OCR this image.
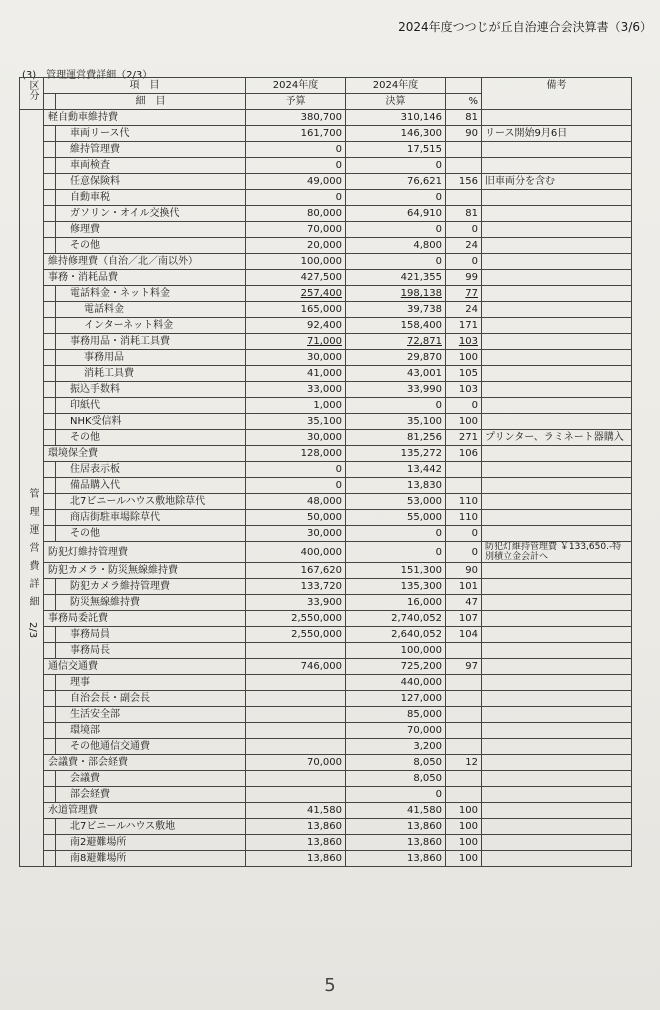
2024年度つつじが丘自治連合会決算書（3/6）
(3)　管理運営費詳細（2/3）
区分	項　目		2024年度	2024年度		備考
		細　目	予算	決算	%	

管理運営費詳細
2/3	軽自動車維持費		380,700	310,146	81	
		車両リース代	161,700	146,300	90	リース開始9月6日
		維持管理費	0	17,515		
		車両検査	0	0		
		任意保険料	49,000	76,621	156	旧車両分を含む
		自動車税	0	0		
		ガソリン・オイル交換代	80,000	64,910	81	
		修理費	70,000	0	0	
		その他	20,000	4,800	24	
	維持修理費（自治／北／南以外）		100,000	0	0	
	事務・消耗品費		427,500	421,355	99	
		電話料金・ネット料金	257,400	198,138	77	
		電話料金	165,000	39,738	24	
		インターネット料金	92,400	158,400	171	
		事務用品・消耗工具費	71,000	72,871	103	
		事務用品	30,000	29,870	100	
		消耗工具費	41,000	43,001	105	
		振込手数料	33,000	33,990	103	
		印紙代	1,000	0	0	
		NHK受信料	35,100	35,100	100	
		その他	30,000	81,256	271	プリンター、ラミネート器購入
	環境保全費		128,000	135,272	106	
		住居表示板	0	13,442		
		備品購入代	0	13,830		
		北7ビニールハウス敷地除草代	48,000	53,000	110	
		商店街駐車場除草代	50,000	55,000	110	
		その他	30,000	0	0	
	防犯灯維持管理費		400,000	0	0	防犯灯維持管理費 ￥133,650.-特別積立金会計へ
	防犯カメラ・防災無線維持費		167,620	151,300	90	
		防犯カメラ維持管理費	133,720	135,300	101	
		防災無線維持費	33,900	16,000	47	
	事務局委託費		2,550,000	2,740,052	107	
		事務局員	2,550,000	2,640,052	104	
		事務局長		100,000		
	通信交通費		746,000	725,200	97	
		理事		440,000		
		自治会長・副会長		127,000		
		生活安全部		85,000		
		環境部		70,000		
		その他通信交通費		3,200		
	会議費・部会経費		70,000	8,050	12	
		会議費		8,050		
		部会経費		0		
	水道管理費		41,580	41,580	100	
		北7ビニールハウス敷地	13,860	13,860	100	
		南2避難場所	13,860	13,860	100	
		南8避難場所	13,860	13,860	100	
5
